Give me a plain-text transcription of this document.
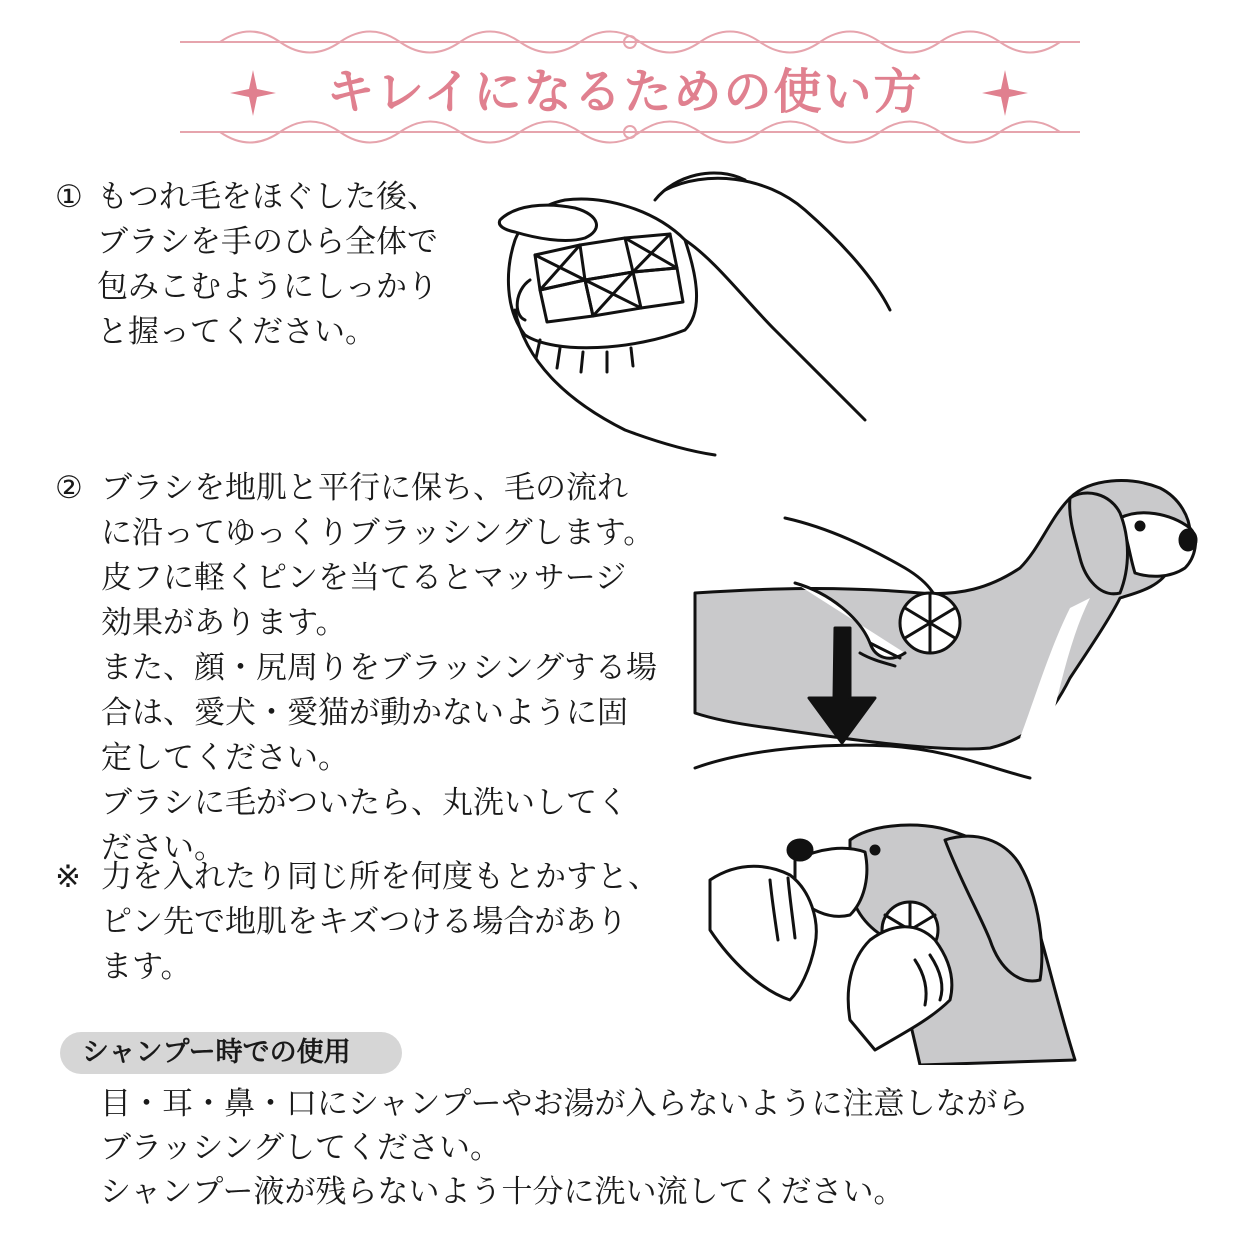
キレイになるための使い方
① もつれ毛をほぐした後、
ブラシを手のひら全体で
包みこむようにしっかり
と握ってください。
② ブラシを地肌と平行に保ち、毛の流れ
に沿ってゆっくりブラッシングします。
皮フに軽くピンを当てるとマッサージ
効果があります。
また、顔・尻周りをブラッシングする場
合は、愛犬・愛猫が動かないように固
定してください。
ブラシに毛がついたら、丸洗いしてく
ださい。
※ 力を入れたり同じ所を何度もとかすと、
ピン先で地肌をキズつける場合があり
ます。
シャンプー時での使用
目・耳・鼻・口にシャンプーやお湯が入らないように注意しながら
ブラッシングしてください。
シャンプー液が残らないよう十分に洗い流してください。
